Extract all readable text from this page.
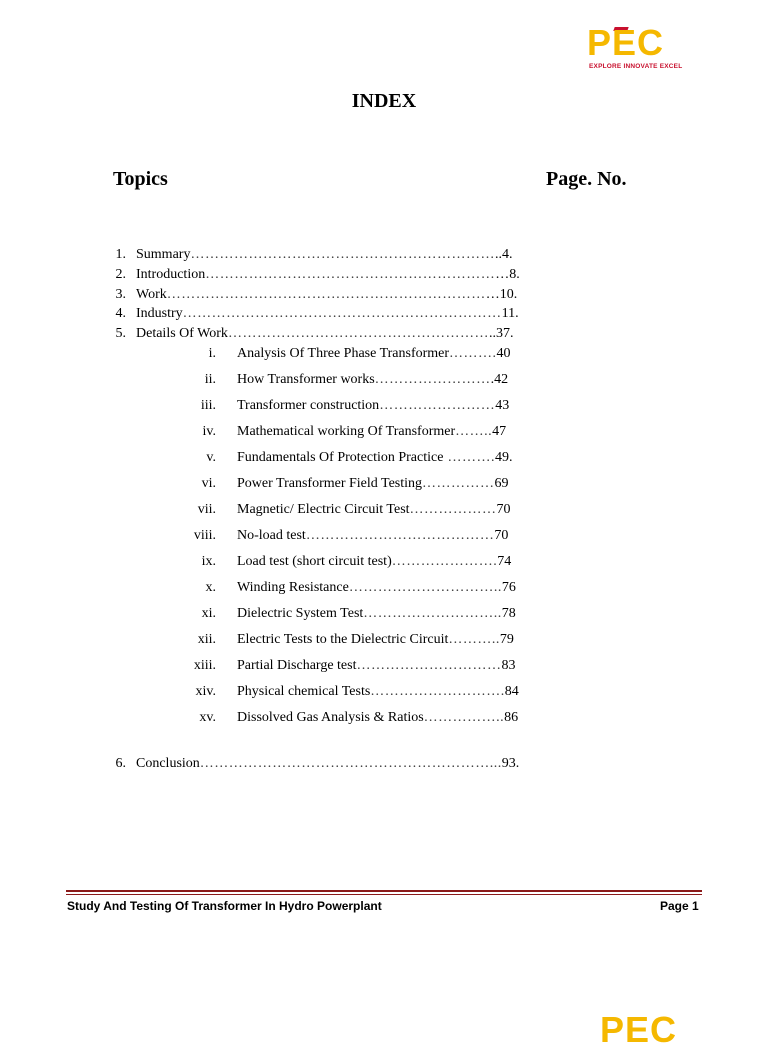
PEC
EXPLORE INNOVATE EXCEL
INDEX
Topics	Page. No.
1. Summary………………………………………………………..4.
2. Introduction………………………………………………………8.
3. Work……………………………………………………………10.
4. Industry…………………………………………………………11.
5. Details Of Work………………………………………………..37.
i. Analysis Of Three Phase Transformer……….40
ii. How Transformer works…………………….42
iii. Transformer construction……………………43
iv. Mathematical working Of Transformer……..47
v. Fundamentals Of Protection Practice ……….49.
vi. Power Transformer Field Testing……………69
vii. Magnetic/ Electric Circuit Test………………70
viii. No-load test…………………………………70
ix. Load test (short circuit test)………………….74
x. Winding Resistance…………………………..76
xi. Dielectric System Test………………………..78
xii. Electric Tests to the Dielectric Circuit………..79
xiii. Partial Discharge test…………………………83
xiv. Physical chemical Tests……………………….84
xv. Dissolved Gas Analysis & Ratios……………..86
6. Conclusion……………………………………………………...93.
Study And Testing Of Transformer In Hydro Powerplant	Page 1
PEC
